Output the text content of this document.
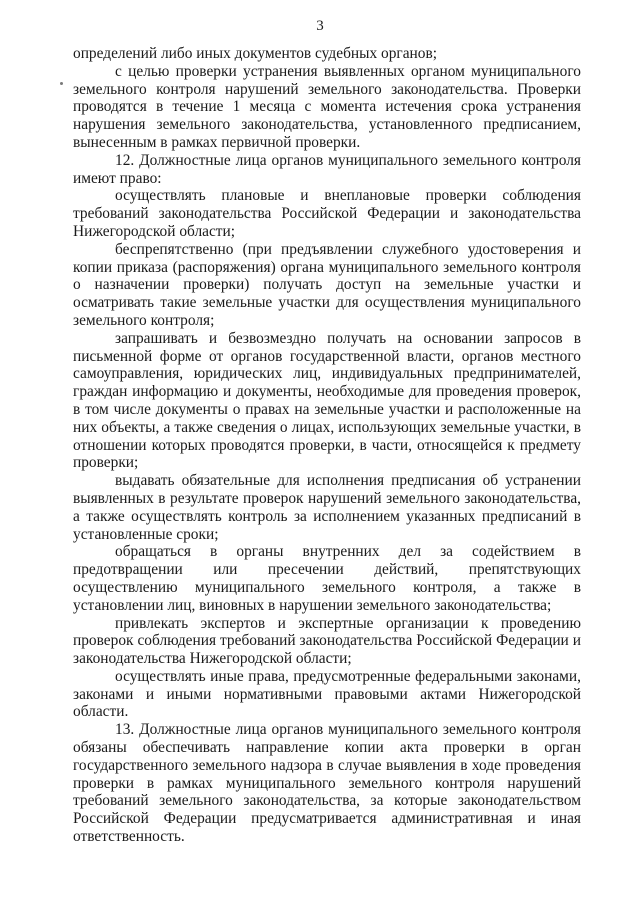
3

определений либо иных документов судебных органов;

с целью проверки устранения выявленных органом муниципального земельного контроля нарушений земельного законодательства. Проверки проводятся в течение 1 месяца с момента истечения срока устранения нарушения земельного законодательства, установленного предписанием, вынесенным в рамках первичной проверки.

12. Должностные лица органов муниципального земельного контроля имеют право:

осуществлять плановые и внеплановые проверки соблюдения требований законодательства Российской Федерации и законодательства Нижегородской области;

беспрепятственно (при предъявлении служебного удостоверения и копии приказа (распоряжения) органа муниципального земельного контроля о назначении проверки) получать доступ на земельные участки и осматривать такие земельные участки для осуществления муниципального земельного контроля;

запрашивать и безвозмездно получать на основании запросов в письменной форме от органов государственной власти, органов местного самоуправления, юридических лиц, индивидуальных предпринимателей, граждан информацию и документы, необходимые для проведения проверок, в том числе документы о правах на земельные участки и расположенные на них объекты, а также сведения о лицах, использующих земельные участки, в отношении которых проводятся проверки, в части, относящейся к предмету проверки;

выдавать обязательные для исполнения предписания об устранении выявленных в результате проверок нарушений земельного законодательства, а также осуществлять контроль за исполнением указанных предписаний в установленные сроки;

обращаться в органы внутренних дел за содействием в предотвращении или пресечении действий, препятствующих осуществлению муниципального земельного контроля, а также в установлении лиц, виновных в нарушении земельного законодательства;

привлекать экспертов и экспертные организации к проведению проверок соблюдения требований законодательства Российской Федерации и законодательства Нижегородской области;

осуществлять иные права, предусмотренные федеральными законами, законами и иными нормативными правовыми актами Нижегородской области.

13. Должностные лица органов муниципального земельного контроля обязаны обеспечивать направление копии акта проверки в орган государственного земельного надзора в случае выявления в ходе проведения проверки в рамках муниципального земельного контроля нарушений требований земельного законодательства, за которые законодательством Российской Федерации предусматривается административная и иная ответственность.
